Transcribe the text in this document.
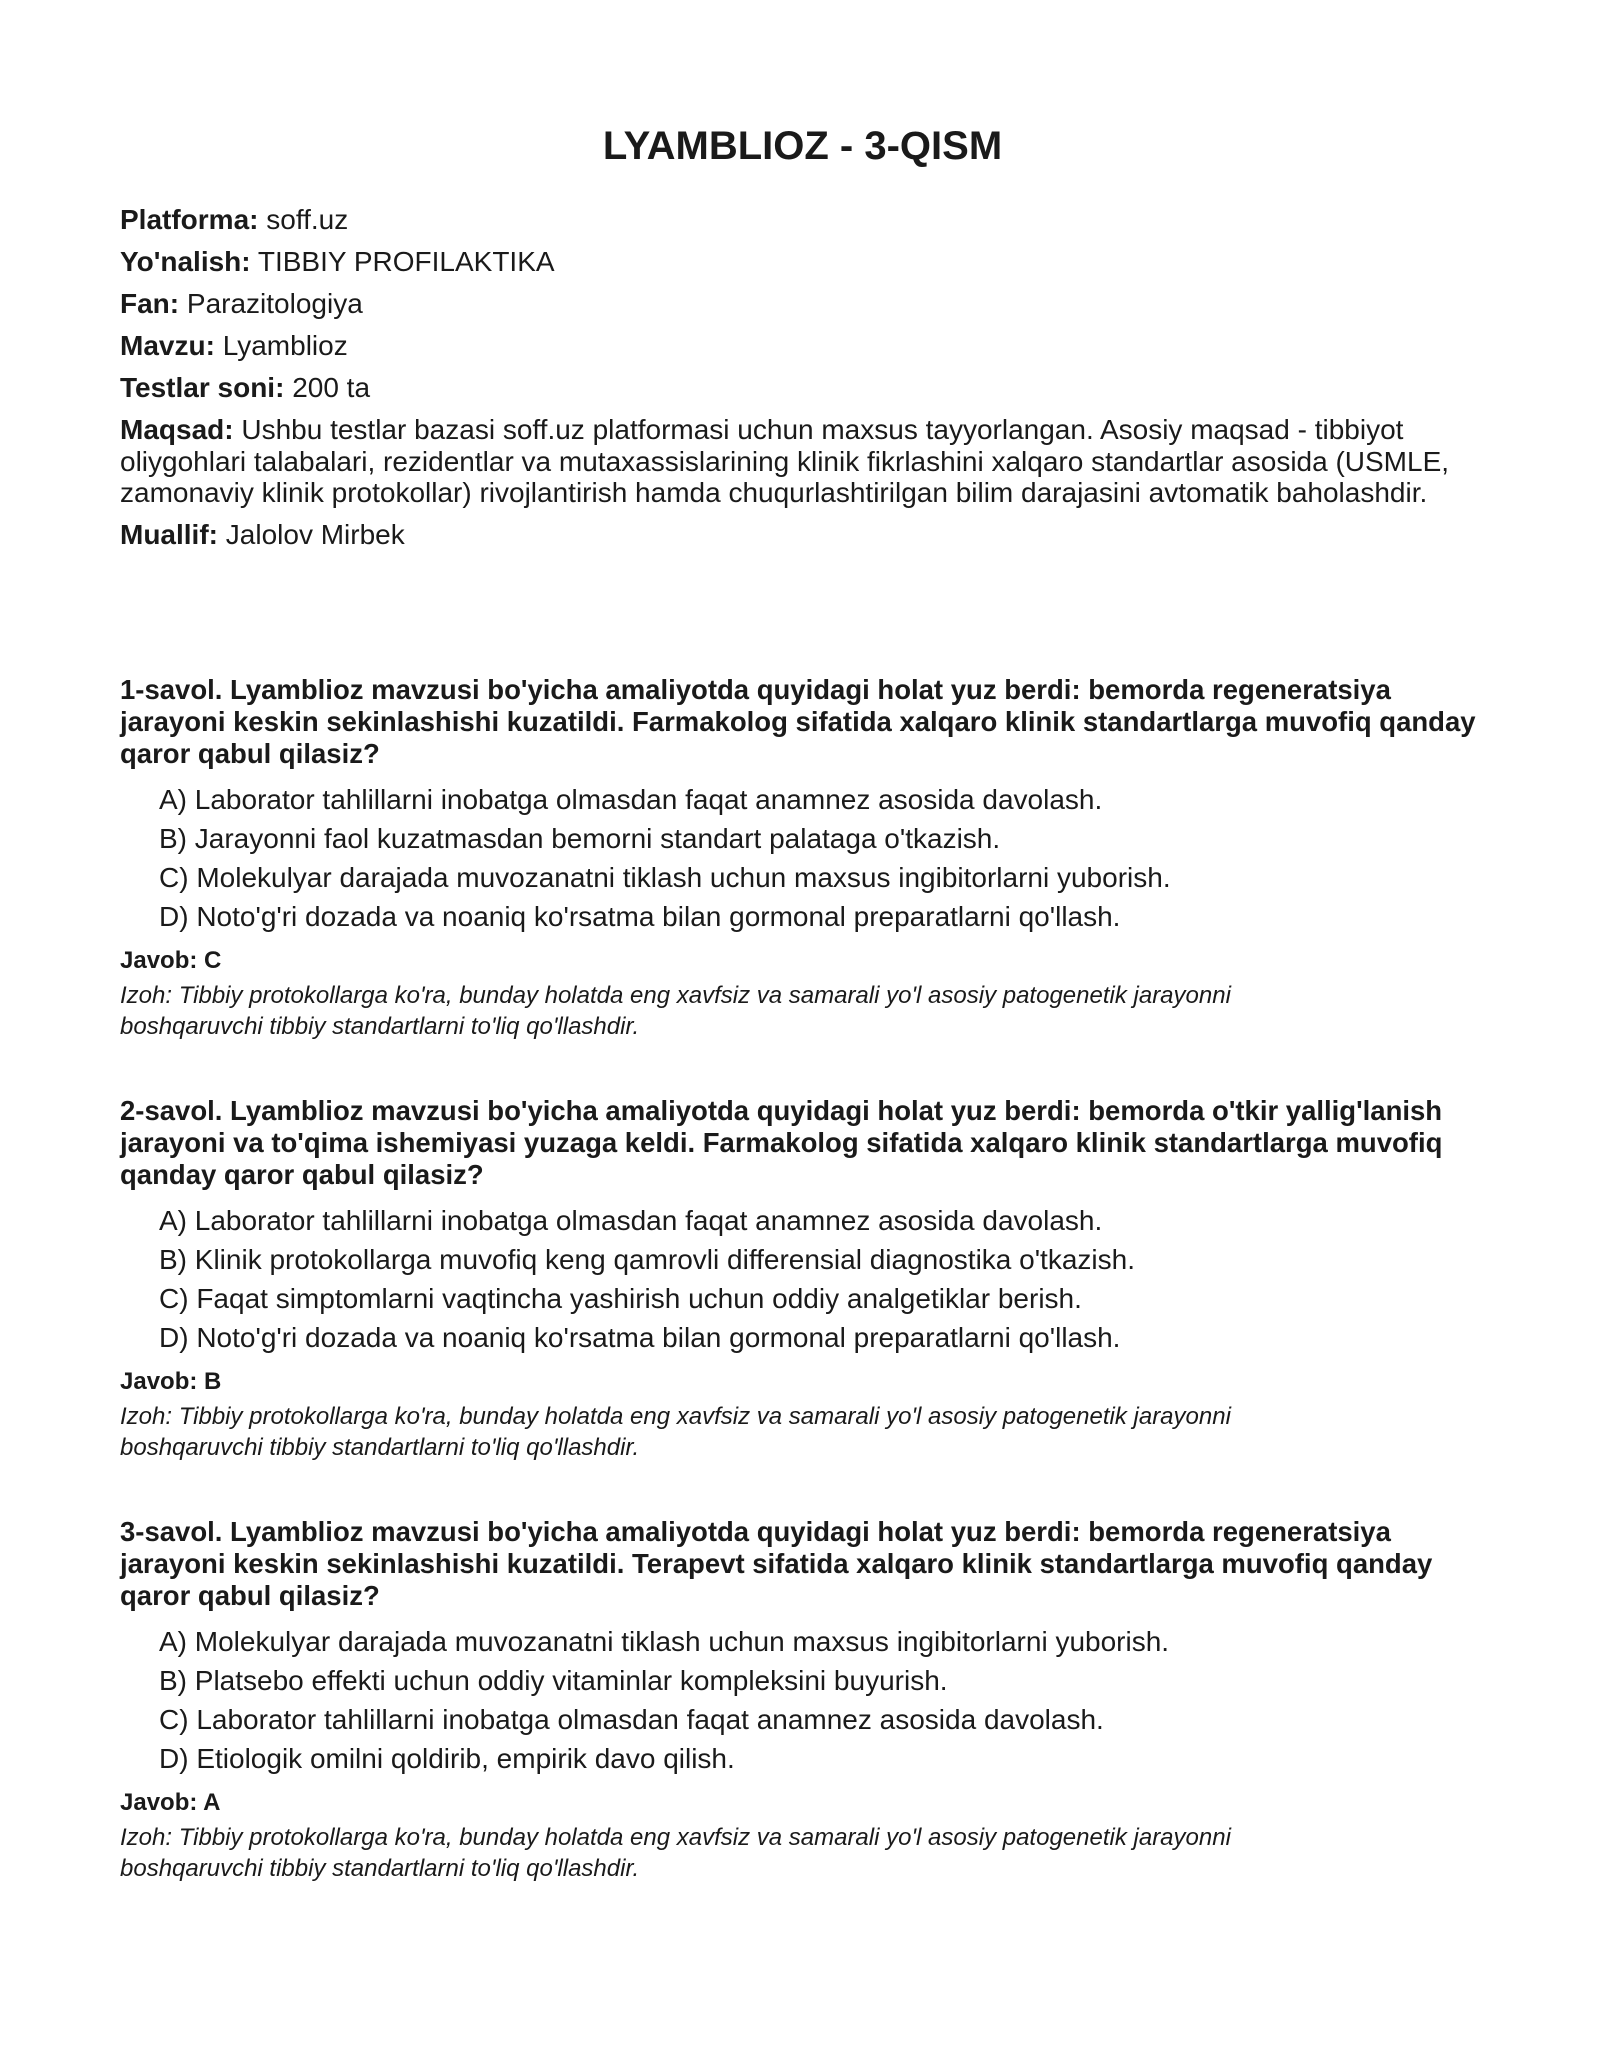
LYAMBLIOZ - 3-QISM

Platforma: soff.uz

Yo'nalish: TIBBIY PROFILAKTIKA

Fan: Parazitologiya

Mavzu: Lyamblioz

Testlar soni: 200 ta

Maqsad: Ushbu testlar bazasi soff.uz platformasi uchun maxsus tayyorlangan. Asosiy maqsad - tibbiyot oliygohlari talabalari, rezidentlar va mutaxassislarining klinik fikrlashini xalqaro standartlar asosida (USMLE, zamonaviy klinik protokollar) rivojlantirish hamda chuqurlashtirilgan bilim darajasini avtomatik baholashdir.

Muallif: Jalolov Mirbek

1-savol. Lyamblioz mavzusi bo'yicha amaliyotda quyidagi holat yuz berdi: bemorda regeneratsiya jarayoni keskin sekinlashishi kuzatildi. Farmakolog sifatida xalqaro klinik standartlarga muvofiq qanday qaror qabul qilasiz?

A) Laborator tahlillarni inobatga olmasdan faqat anamnez asosida davolash.
B) Jarayonni faol kuzatmasdan bemorni standart palataga o'tkazish.
C) Molekulyar darajada muvozanatni tiklash uchun maxsus ingibitorlarni yuborish.
D) Noto'g'ri dozada va noaniq ko'rsatma bilan gormonal preparatlarni qo'llash.

Javob: C

Izoh: Tibbiy protokollarga ko'ra, bunday holatda eng xavfsiz va samarali yo'l asosiy patogenetik jarayonni boshqaruvchi tibbiy standartlarni to'liq qo'llashdir.

2-savol. Lyamblioz mavzusi bo'yicha amaliyotda quyidagi holat yuz berdi: bemorda o'tkir yallig'lanish jarayoni va to'qima ishemiyasi yuzaga keldi. Farmakolog sifatida xalqaro klinik standartlarga muvofiq qanday qaror qabul qilasiz?

A) Laborator tahlillarni inobatga olmasdan faqat anamnez asosida davolash.
B) Klinik protokollarga muvofiq keng qamrovli differensial diagnostika o'tkazish.
C) Faqat simptomlarni vaqtincha yashirish uchun oddiy analgetiklar berish.
D) Noto'g'ri dozada va noaniq ko'rsatma bilan gormonal preparatlarni qo'llash.

Javob: B

Izoh: Tibbiy protokollarga ko'ra, bunday holatda eng xavfsiz va samarali yo'l asosiy patogenetik jarayonni boshqaruvchi tibbiy standartlarni to'liq qo'llashdir.

3-savol. Lyamblioz mavzusi bo'yicha amaliyotda quyidagi holat yuz berdi: bemorda regeneratsiya jarayoni keskin sekinlashishi kuzatildi. Terapevt sifatida xalqaro klinik standartlarga muvofiq qanday qaror qabul qilasiz?

A) Molekulyar darajada muvozanatni tiklash uchun maxsus ingibitorlarni yuborish.
B) Platsebo effekti uchun oddiy vitaminlar kompleksini buyurish.
C) Laborator tahlillarni inobatga olmasdan faqat anamnez asosida davolash.
D) Etiologik omilni qoldirib, empirik davo qilish.

Javob: A

Izoh: Tibbiy protokollarga ko'ra, bunday holatda eng xavfsiz va samarali yo'l asosiy patogenetik jarayonni boshqaruvchi tibbiy standartlarni to'liq qo'llashdir.
